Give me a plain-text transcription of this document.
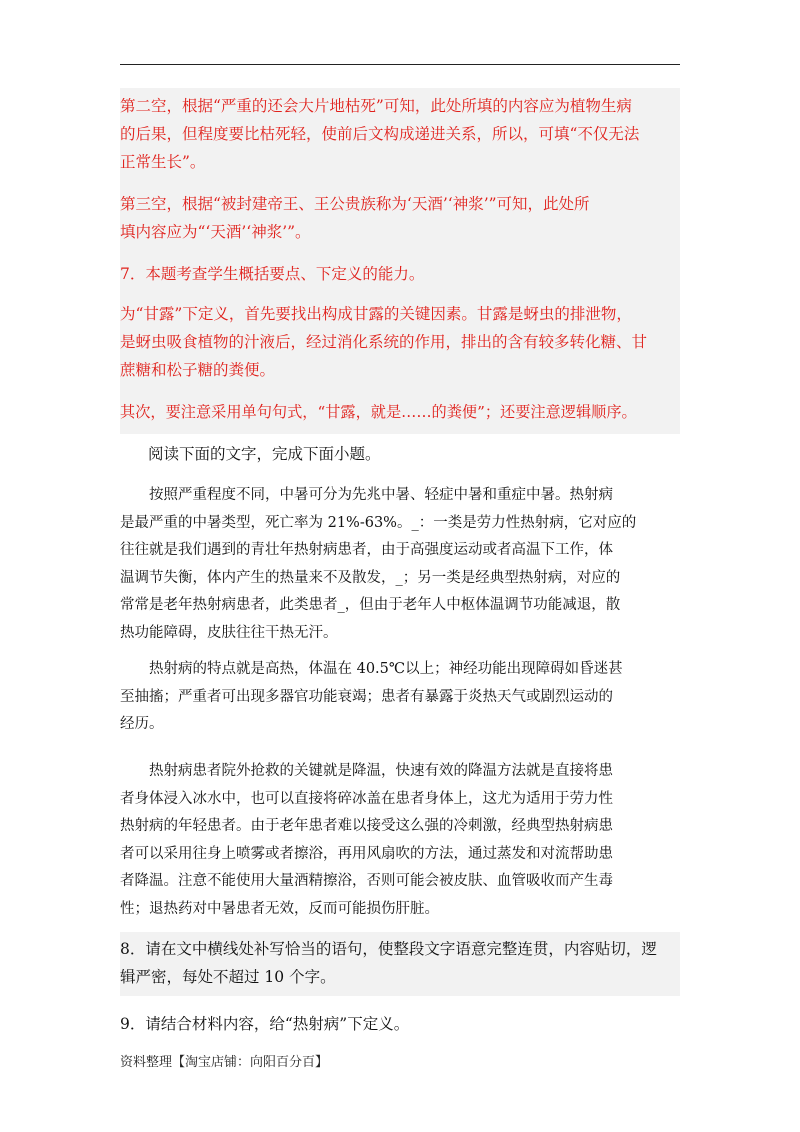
第二空，根据“严重的还会大片地枯死”可知，此处所填的内容应为植物生病
的后果，但程度要比枯死轻，使前后文构成递进关系，所以，可填“不仅无法
正常生长”。

第三空，根据“被封建帝王、王公贵族称为‘天酒’‘神浆’”可知，此处所
填内容应为“‘天酒’‘神浆’”。

7．本题考查学生概括要点、下定义的能力。

为“甘露”下定义，首先要找出构成甘露的关键因素。甘露是蚜虫的排泄物，
是蚜虫吸食植物的汁液后，经过消化系统的作用，排出的含有较多转化糖、甘
蔗糖和松子糖的粪便。

其次，要注意采用单句句式，“甘露，就是……的粪便”；还要注意逻辑顺序。

阅读下面的文字，完成下面小题。

　　按照严重程度不同，中暑可分为先兆中暑、轻症中暑和重症中暑。热射病
是最严重的中暑类型，死亡率为 21%-63%。_：一类是劳力性热射病，它对应的
往往就是我们遇到的青壮年热射病患者，由于高强度运动或者高温下工作，体
温调节失衡，体内产生的热量来不及散发，_；另一类是经典型热射病，对应的
常常是老年热射病患者，此类患者_，但由于老年人中枢体温调节功能减退，散
热功能障碍，皮肤往往干热无汗。

　　热射病的特点就是高热，体温在 40.5℃以上；神经功能出现障碍如昏迷甚
至抽搐；严重者可出现多器官功能衰竭；患者有暴露于炎热天气或剧烈运动的
经历。

　　热射病患者院外抢救的关键就是降温，快速有效的降温方法就是直接将患
者身体浸入冰水中，也可以直接将碎冰盖在患者身体上，这尤为适用于劳力性
热射病的年轻患者。由于老年患者难以接受这么强的冷刺激，经典型热射病患
者可以采用往身上喷雾或者擦浴，再用风扇吹的方法，通过蒸发和对流帮助患
者降温。注意不能使用大量酒精擦浴，否则可能会被皮肤、血管吸收而产生毒
性；退热药对中暑患者无效，反而可能损伤肝脏。

8．请在文中横线处补写恰当的语句，使整段文字语意完整连贯，内容贴切，逻
辑严密，每处不超过 10 个字。

9．请结合材料内容，给“热射病”下定义。

资料整理【淘宝店铺：向阳百分百】
